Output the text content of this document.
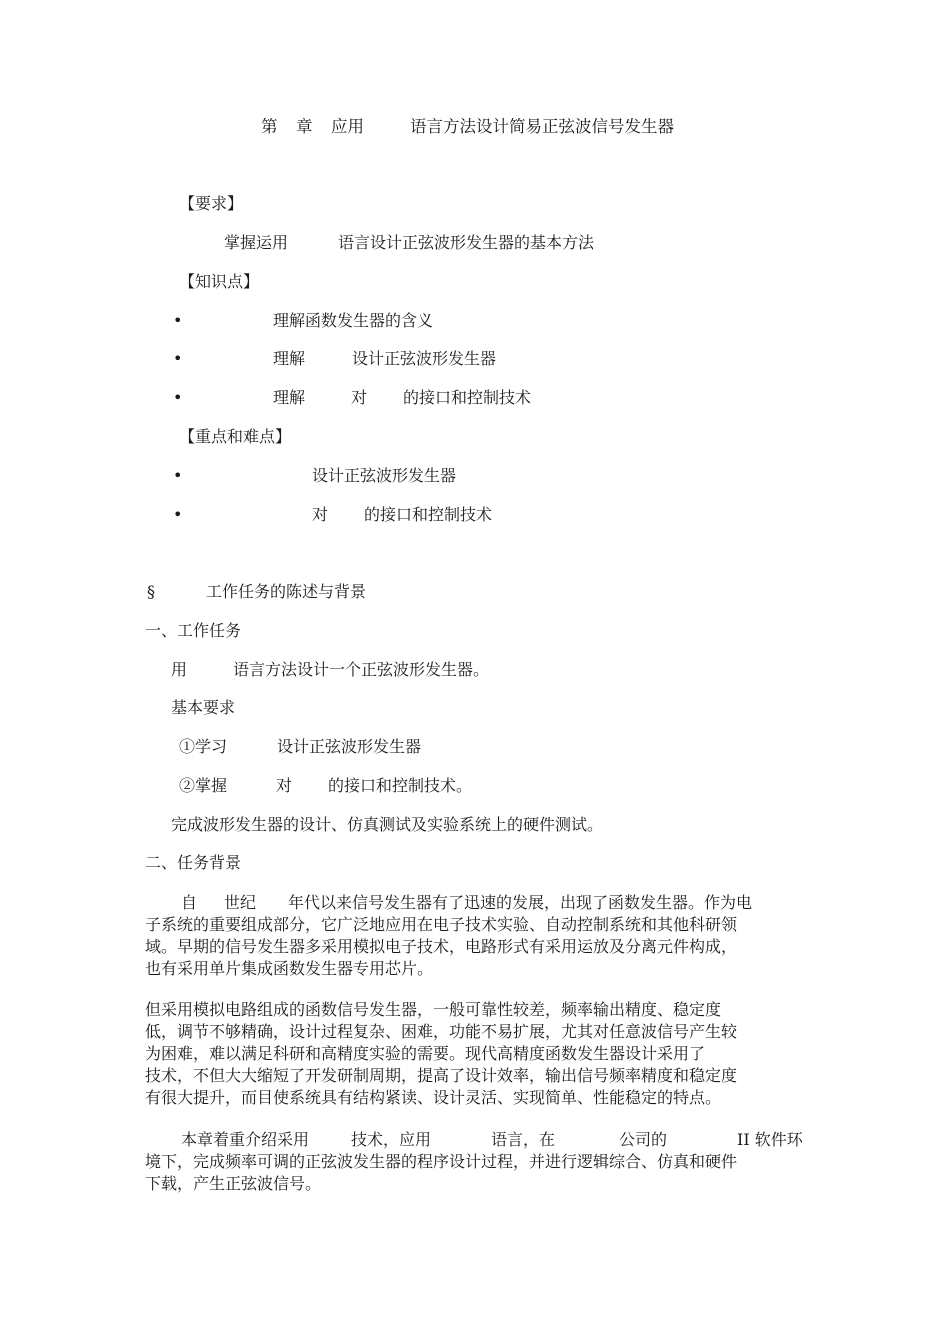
第 章 应用	语言方法设计简易正弦波信号发生器
【要求】
掌握运用	语言设计正弦波形发生器的基本方法
【知识点】
•	理解函数发生器的含义
•	理解	设计正弦波形发生器
•	理解	对 的接口和控制技术
【重点和难点】
•	设计正弦波形发生器
•	对 的接口和控制技术
§	工作任务的陈述与背景
一、工作任务
用	语言方法设计一个正弦波形发生器。
基本要求
①学习	设计正弦波形发生器
②掌握	对 的接口和控制技术。
完成波形发生器的设计、仿真测试及实验系统上的硬件测试。
二、任务背景
自 世纪 年代以来信号发生器有了迅速的发展，出现了函数发生器。作为电
子系统的重要组成部分，它广泛地应用在电子技术实验、自动控制系统和其他科研领
域。早期的信号发生器多采用模拟电子技术，电路形式有采用运放及分离元件构成，
也有采用单片集成函数发生器专用芯片。
但采用模拟电路组成的函数信号发生器，一般可靠性较差，频率输出精度、稳定度
低，调节不够精确，设计过程复杂、困难，功能不易扩展，尤其对任意波信号产生较
为困难，难以满足科研和高精度实验的需要。现代高精度函数发生器设计采用了
技术，不但大大缩短了开发研制周期，提高了设计效率，输出信号频率精度和稳定度
有很大提升，而目使系统具有结构紧读、设计灵活、实现简单、性能稳定的特点。
本章着重介绍采用	技术，应用	语言，在	公司的	II 软件环
境下，完成频率可调的正弦波发生器的程序设计过程，并进行逻辑综合、仿真和硬件
下载，产生正弦波信号。
